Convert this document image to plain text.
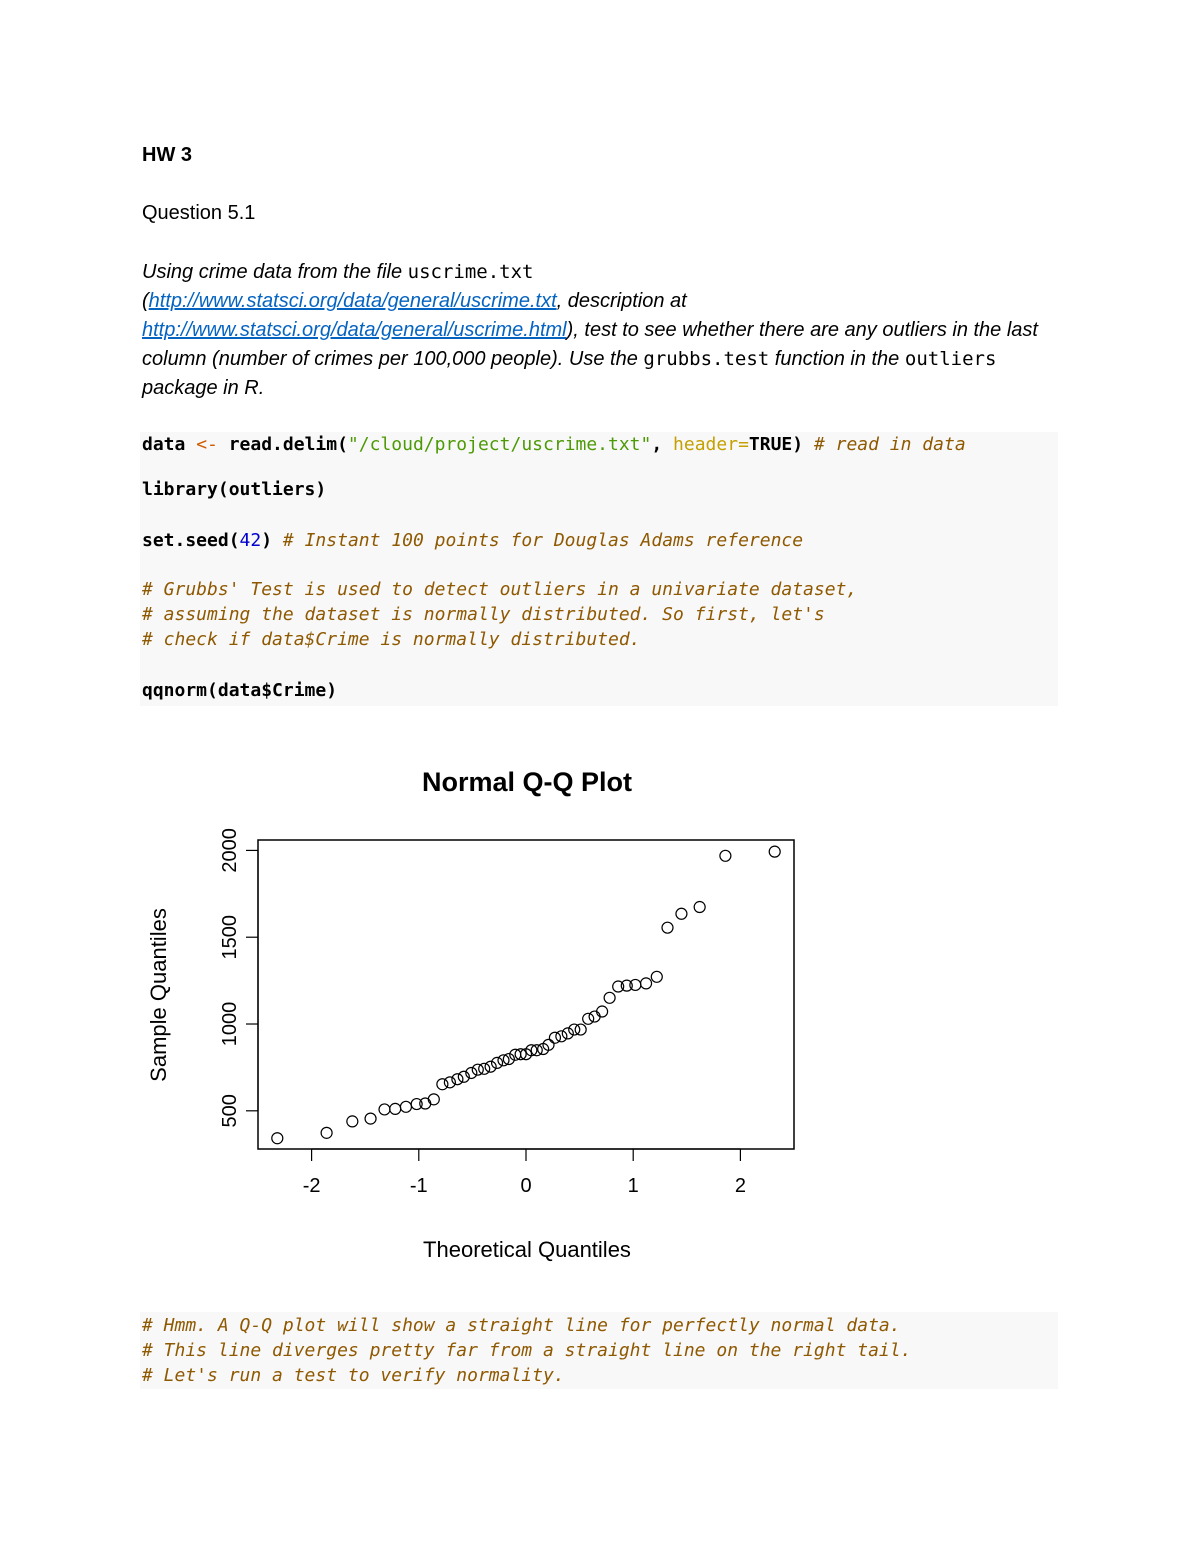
HW 3
Question 5.1
Using crime data from the file uscrime.txt
(http://www.statsci.org/data/general/uscrime.txt, description at
http://www.statsci.org/data/general/uscrime.html), test to see whether there are any outliers in the last column (number of crimes per 100,000 people). Use the grubbs.test function in the outliers package in R.
data <- read.delim("/cloud/project/uscrime.txt", header=TRUE) # read in data
library(outliers)
set.seed(42) # Instant 100 points for Douglas Adams reference
# Grubbs' Test is used to detect outliers in a univariate dataset,
# assuming the dataset is normally distributed. So first, let's
# check if data$Crime is normally distributed.
qqnorm(data$Crime)
Normal Q-Q Plot
-2	-1	0	1	2
500
1000
1500
2000
Theoretical Quantiles
Sample Quantiles
# Hmm. A Q-Q plot will show a straight line for perfectly normal data.
# This line diverges pretty far from a straight line on the right tail.
# Let's run a test to verify normality.
